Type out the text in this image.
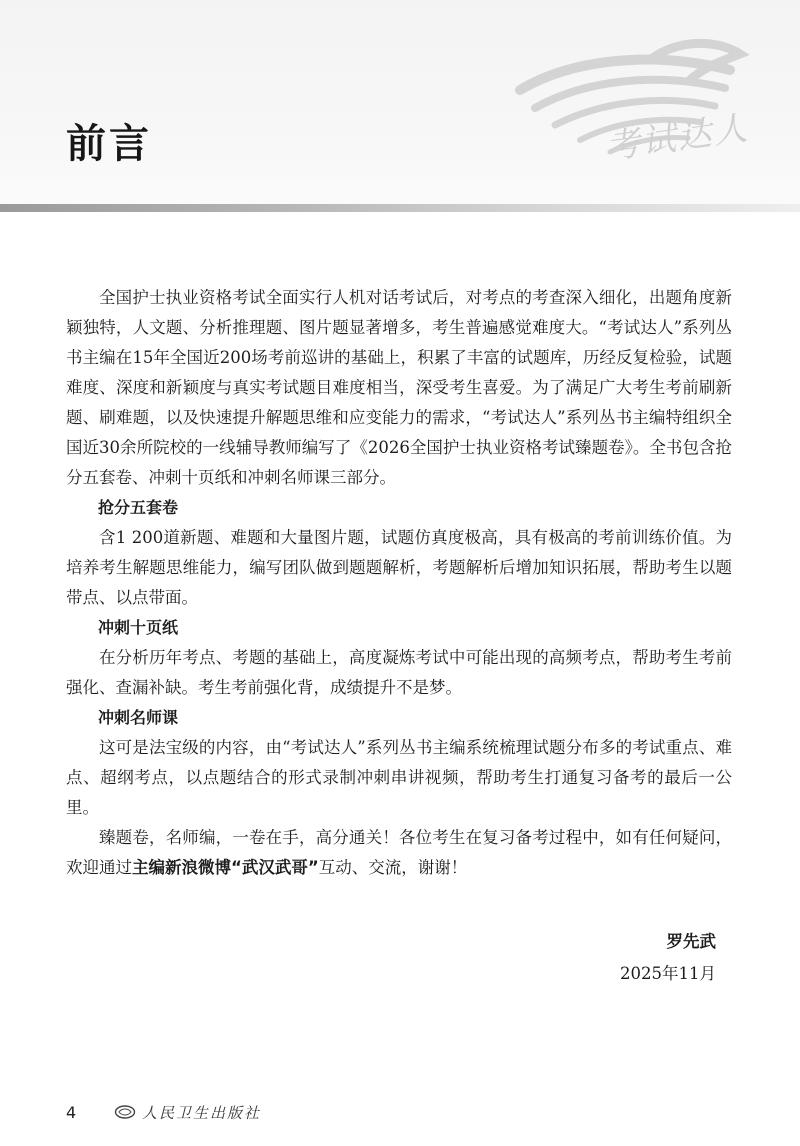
考试达人
前言

全国护士执业资格考试全面实行人机对话考试后，对考点的考查深入细化，出题角度新颖独特，人文题、分析推理题、图片题显著增多，考生普遍感觉难度大。“考试达人”系列丛书主编在15年全国近200场考前巡讲的基础上，积累了丰富的试题库，历经反复检验，试题难度、深度和新颖度与真实考试题目难度相当，深受考生喜爱。为了满足广大考生考前刷新题、刷难题，以及快速提升解题思维和应变能力的需求，“考试达人”系列丛书主编特组织全国近30余所院校的一线辅导教师编写了《2026全国护士执业资格考试臻题卷》。全书包含抢分五套卷、冲刺十页纸和冲刺名师课三部分。

抢分五套卷

含1 200道新题、难题和大量图片题，试题仿真度极高，具有极高的考前训练价值。为培养考生解题思维能力，编写团队做到题题解析，考题解析后增加知识拓展，帮助考生以题带点、以点带面。

冲刺十页纸

在分析历年考点、考题的基础上，高度凝炼考试中可能出现的高频考点，帮助考生考前强化、查漏补缺。考生考前强化背，成绩提升不是梦。

冲刺名师课

这可是法宝级的内容，由“考试达人”系列丛书主编系统梳理试题分布多的考试重点、难点、超纲考点，以点题结合的形式录制冲刺串讲视频，帮助考生打通复习备考的最后一公里。

臻题卷，名师编，一卷在手，高分通关！各位考生在复习备考过程中，如有任何疑问，欢迎通过主编新浪微博“武汉武哥”互动、交流，谢谢！

罗先武
2025年11月
4	人民卫生出版社
